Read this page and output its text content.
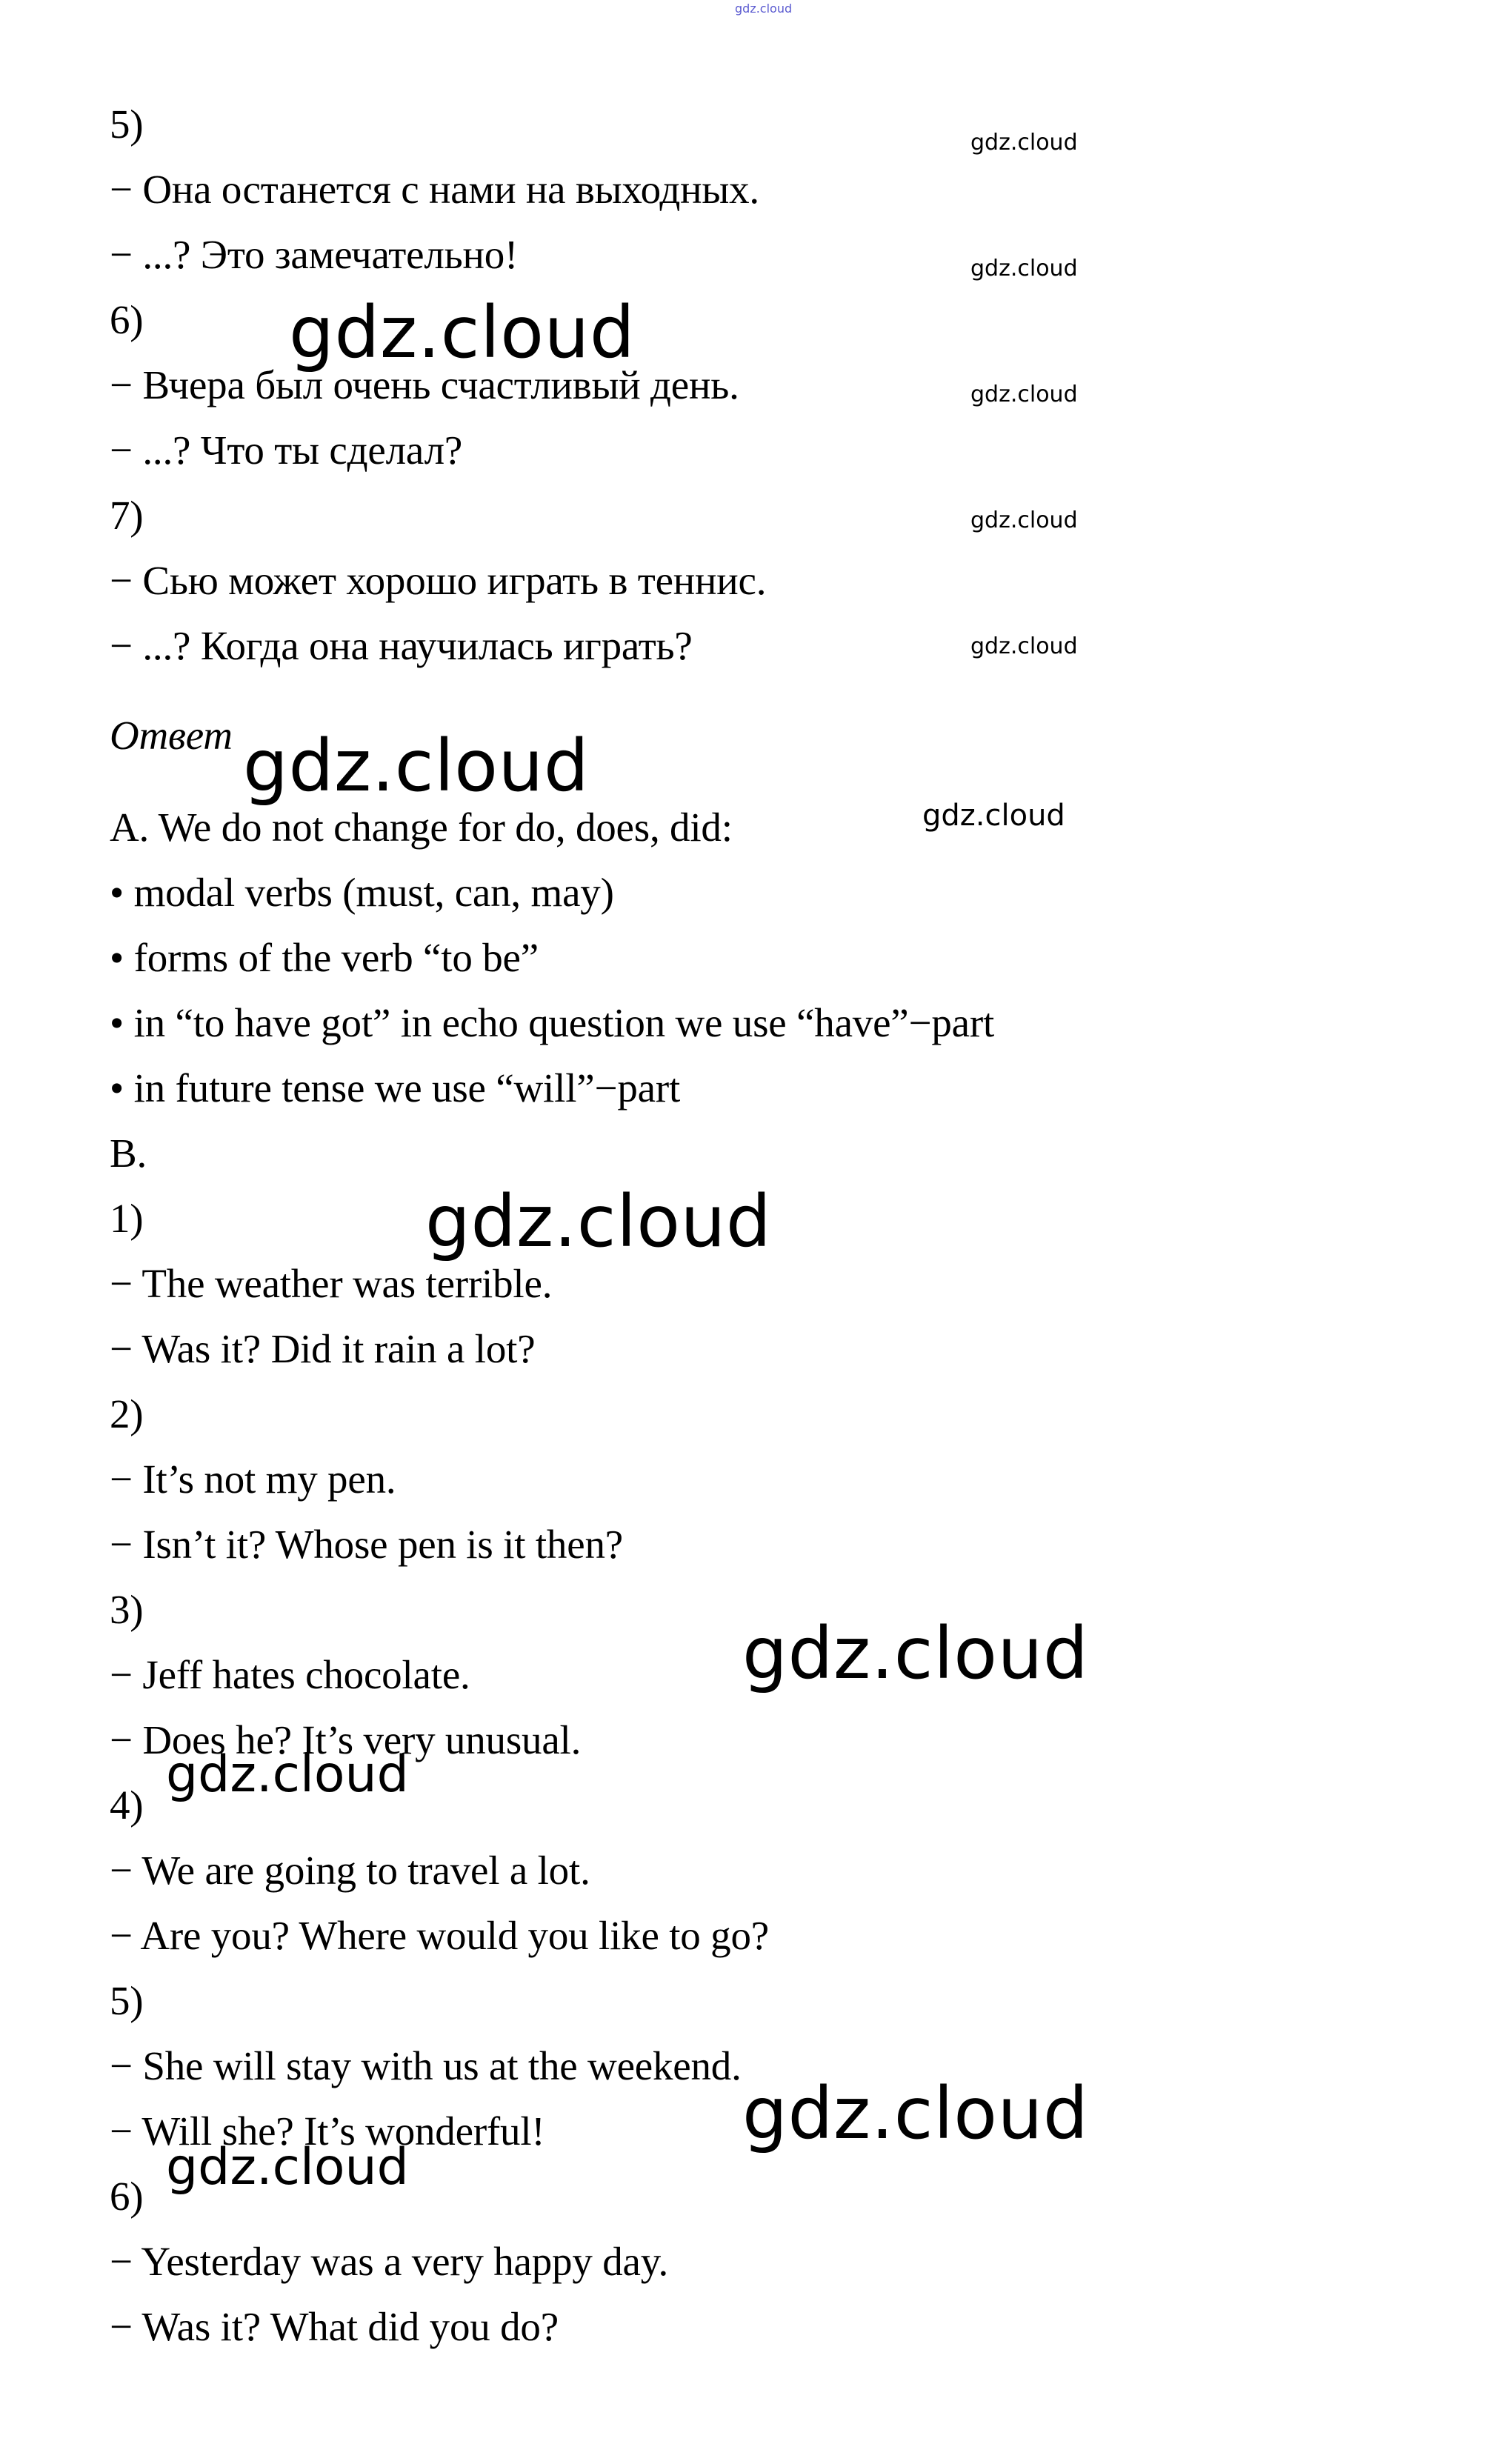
5)
− Она останется с нами на выходных.
− ...? Это замечательно!
6)
− Вчера был очень счастливый день.
− ...? Что ты сделал?
7)
− Сью может хорошо играть в теннис.
− ...? Когда она научилась играть?
Ответ
A. We do not change for do, does, did:
• modal verbs (must, can, may)
• forms of the verb “to be”
• in “to have got” in echo question we use “have”−part
• in future tense we use “will”−part
B.
1)
− The weather was terrible.
− Was it? Did it rain a lot?
2)
− It’s not my pen.
− Isn’t it? Whose pen is it then?
3)
− Jeff hates chocolate.
− Does he? It’s very unusual.
4)
− We are going to travel a lot.
− Are you? Where would you like to go?
5)
− She will stay with us at the weekend.
− Will she? It’s wonderful!
6)
− Yesterday was a very happy day.
− Was it? What did you do?
gdz.cloud
gdz.cloud
gdz.cloud
gdz.cloud
gdz.cloud
gdz.cloud
gdz.cloud
gdz.cloud
gdz.cloud
gdz.cloud
gdz.cloud
gdz.cloud
gdz.cloud
gdz.cloud
